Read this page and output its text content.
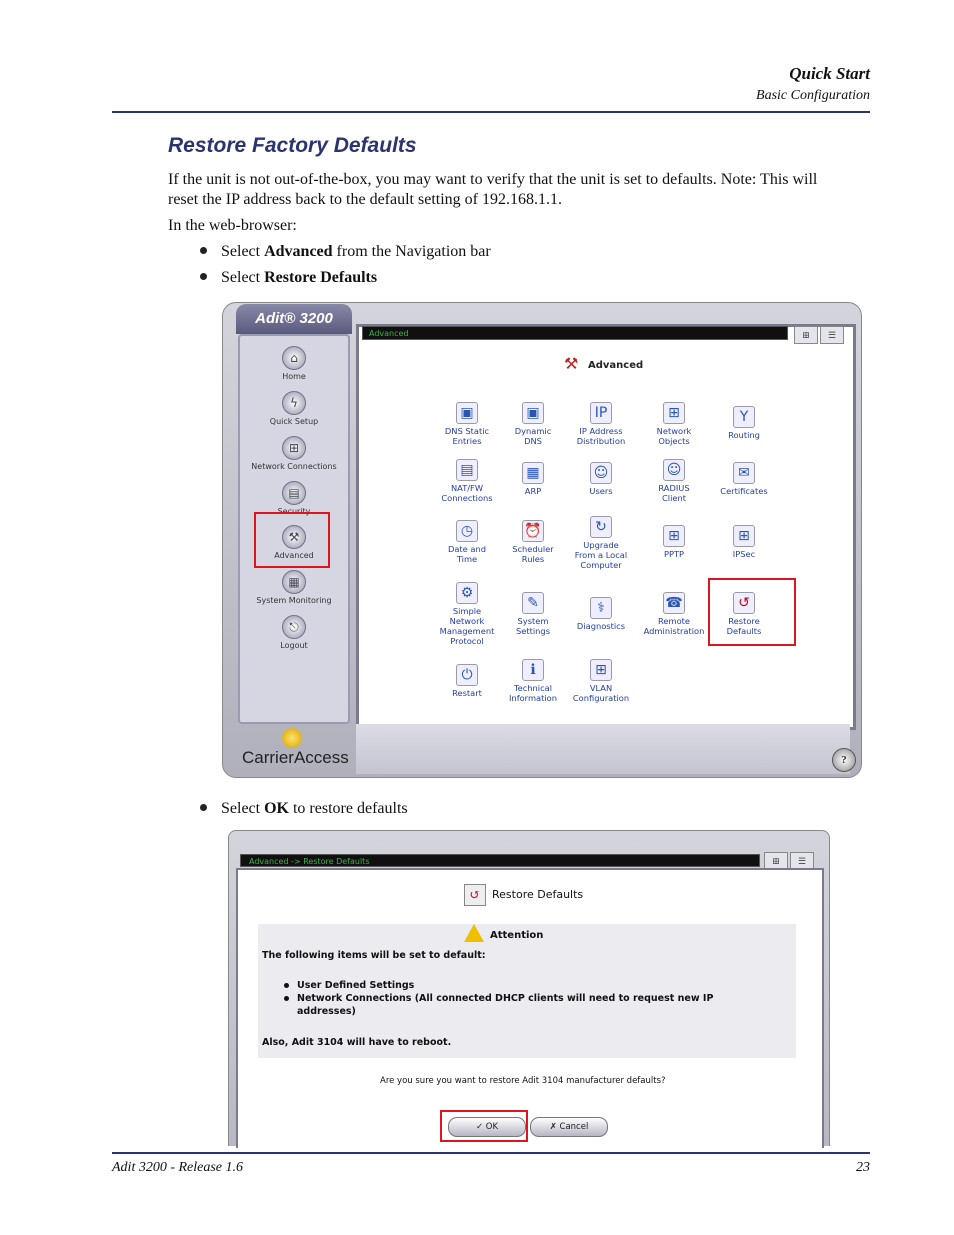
Quick Start
Basic Configuration
Restore Factory Defaults
If the unit is not out-of-the-box, you may want to verify that the unit is set to defaults. Note: This will
reset the IP address back to the default setting of 192.168.1.1.
In the web-browser:
Select Advanced from the Navigation bar
Select Restore Defaults
Adit® 3200
⌂
Home
ϟ
Quick Setup
⊞
Network Connections
▤
Security
⚒
Advanced
▦
System Monitoring
⎋
Logout
Advanced	⊞	☰
⚒ Advanced
▣
DNS Static
Entries
▣
Dynamic
DNS
IP
IP Address
Distribution
⊞
Network
Objects
Y
Routing
▤
NAT/FW
Connections
▦
ARP
☺
Users
☺
RADIUS
Client
✉
Certificates
◷
Date and
Time
⏰
Scheduler
Rules
↻
Upgrade
From a Local
Computer
⊞
PPTP
⊞
IPSec
⚙
Simple
Network
Management
Protocol
✎
System
Settings
⚕
Diagnostics
☎
Remote
Administration
↺
Restore
Defaults
⏻
Restart
ℹ
Technical
Information
⊞
VLAN
Configuration
CarrierAccess	?
Select OK to restore defaults
Advanced -> Restore Defaults	⊞	☰
↺	Restore Defaults
Attention
The following items will be set to default:
User Defined Settings
Network Connections (All connected DHCP clients will need to request new IP
addresses)
Also, Adit 3104 will have to reboot.
Are you sure you want to restore Adit 3104 manufacturer defaults?
✓ OK	✗ Cancel
Adit 3200 - Release 1.6	23
